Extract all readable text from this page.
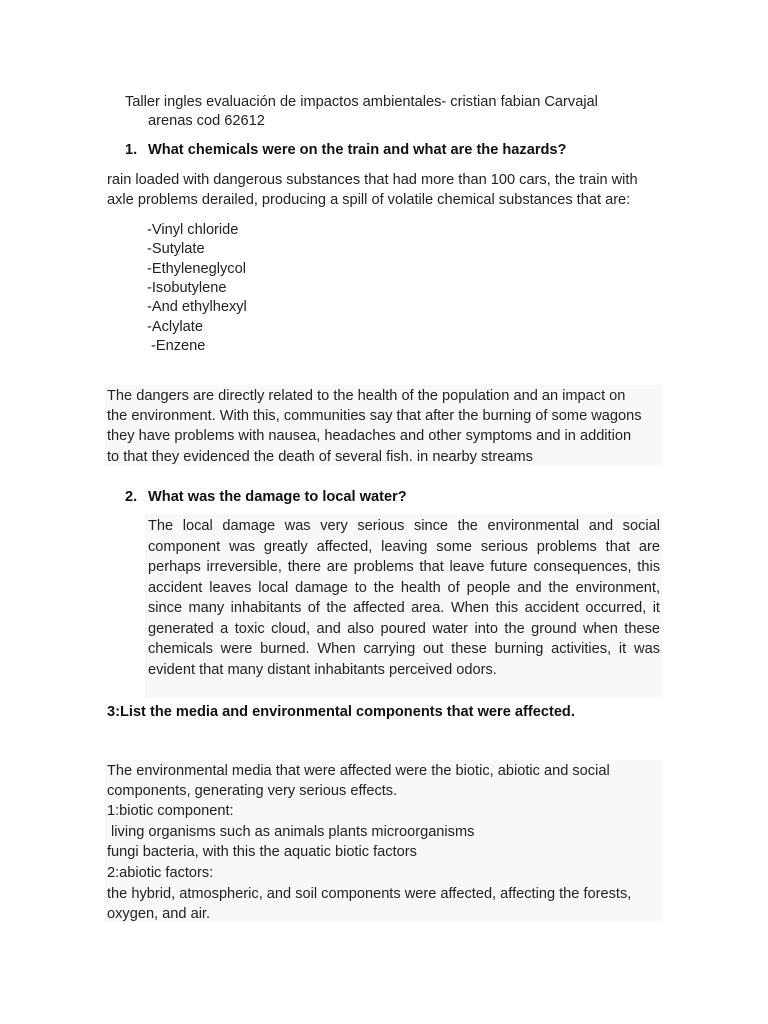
Taller ingles evaluación de impactos ambientales- cristian fabian Carvajal
arenas cod 62612
1. What chemicals were on the train and what are the hazards?
rain loaded with dangerous substances that had more than 100 cars, the train with
axle problems derailed, producing a spill of volatile chemical substances that are:
-Vinyl chloride
-Sutylate
-Ethyleneglycol
-Isobutylene
-And ethylhexyl
-Aclylate
-Enzene
The dangers are directly related to the health of the population and an impact on
the environment. With this, communities say that after the burning of some wagons
they have problems with nausea, headaches and other symptoms and in addition
to that they evidenced the death of several fish. in nearby streams
2. What was the damage to local water?

The local damage was very serious since the environmental and social component was greatly affected, leaving some serious problems that are perhaps irreversible, there are problems that leave future consequences, this accident leaves local damage to the health of people and the environment, since many inhabitants of the affected area. When this accident occurred, it generated a toxic cloud, and also poured water into the ground when these chemicals were burned. When carrying out these burning activities, it was evident that many distant inhabitants perceived odors.

3:List the media and environmental components that were affected.
The environmental media that were affected were the biotic, abiotic and social
components, generating very serious effects.
1:biotic component:
living organisms such as animals plants microorganisms
fungi bacteria, with this the aquatic biotic factors
2:abiotic factors:
the hybrid, atmospheric, and soil components were affected, affecting the forests,
oxygen, and air.
